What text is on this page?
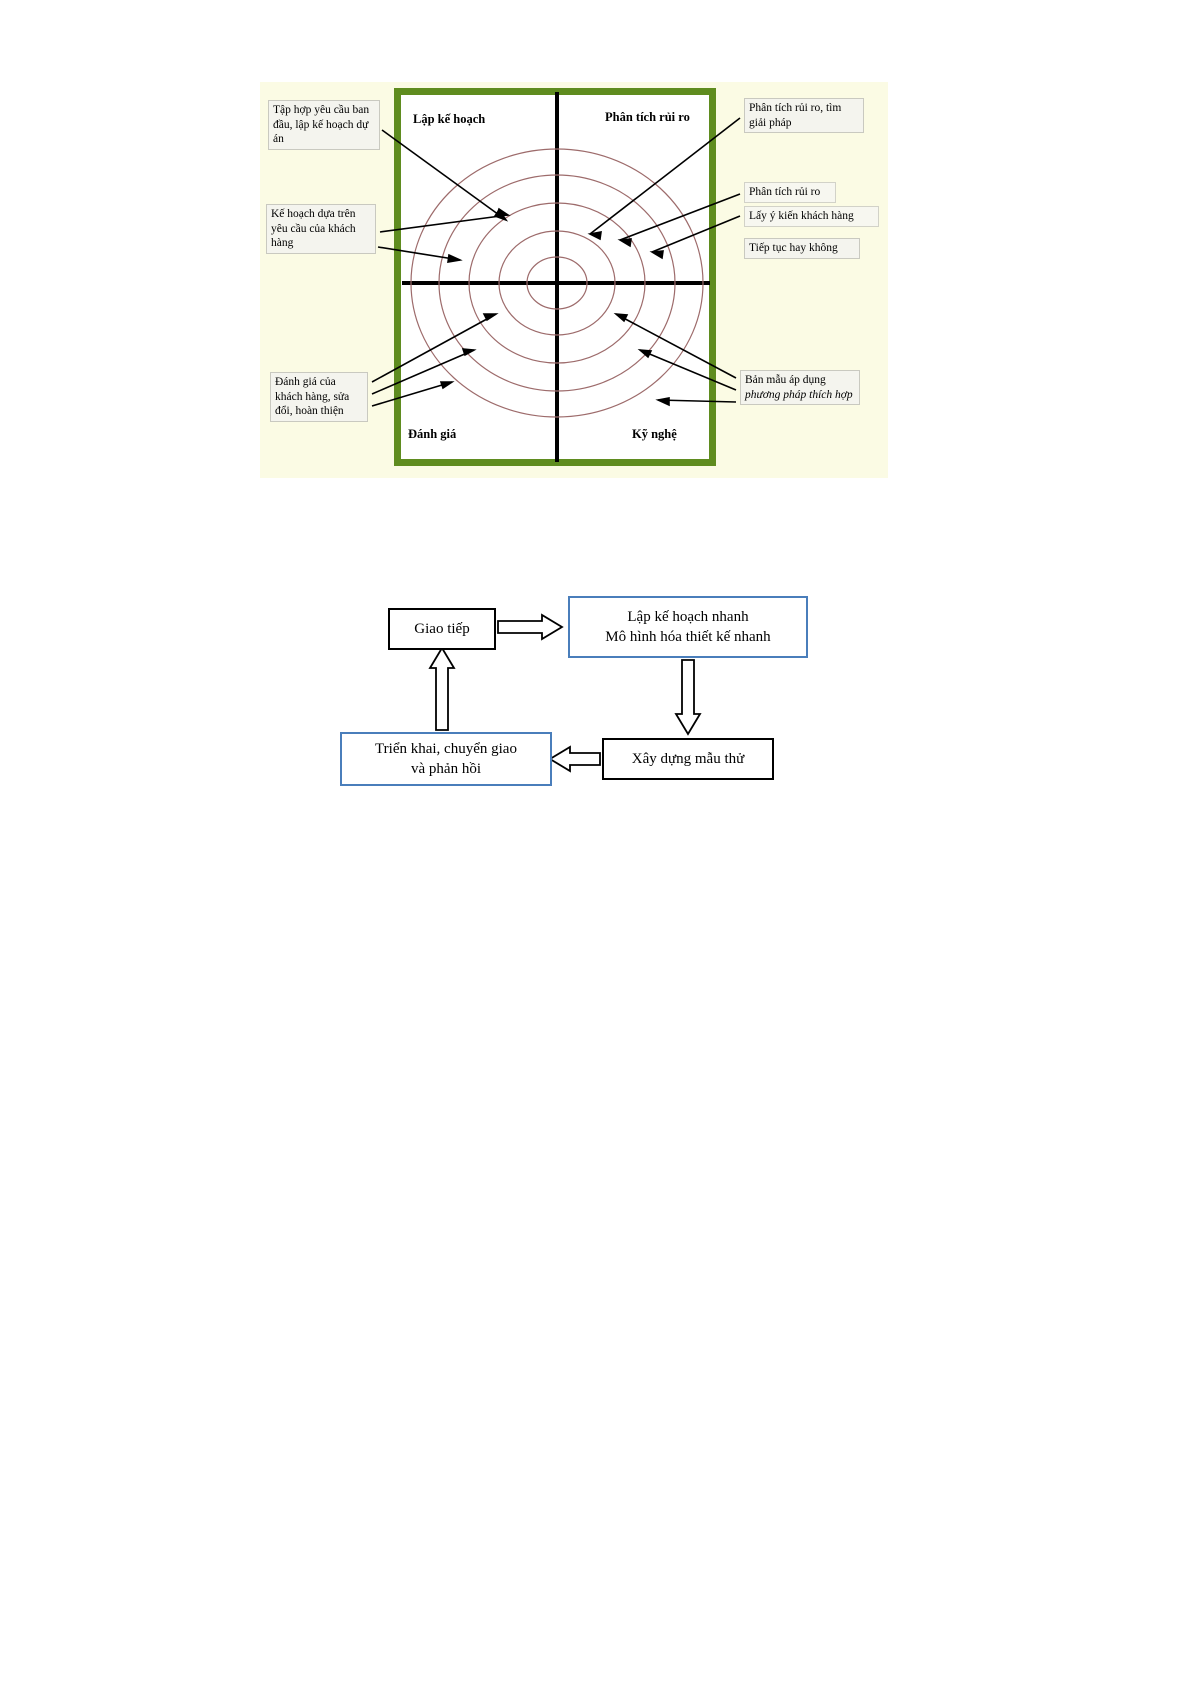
Lập kế hoạch	Phân tích rủi ro
Đánh giá	Kỹ nghệ
Tập hợp yêu cầu ban đầu, lập kế hoạch dự án
Kế hoạch dựa trên yêu cầu của khách hàng
Đánh giá của khách hàng, sửa đổi, hoàn thiện
Phân tích rủi ro, tìm giải pháp
Phân tích rủi ro
Lấy ý kiến khách hàng
Tiếp tục hay không
Bản mẫu áp dụng phương pháp thích hợp
Giao tiếp
Lập kế hoạch nhanh
Mô hình hóa thiết kế nhanh
Xây dựng mẫu thử
Triển khai, chuyển giao
và phản hồi
